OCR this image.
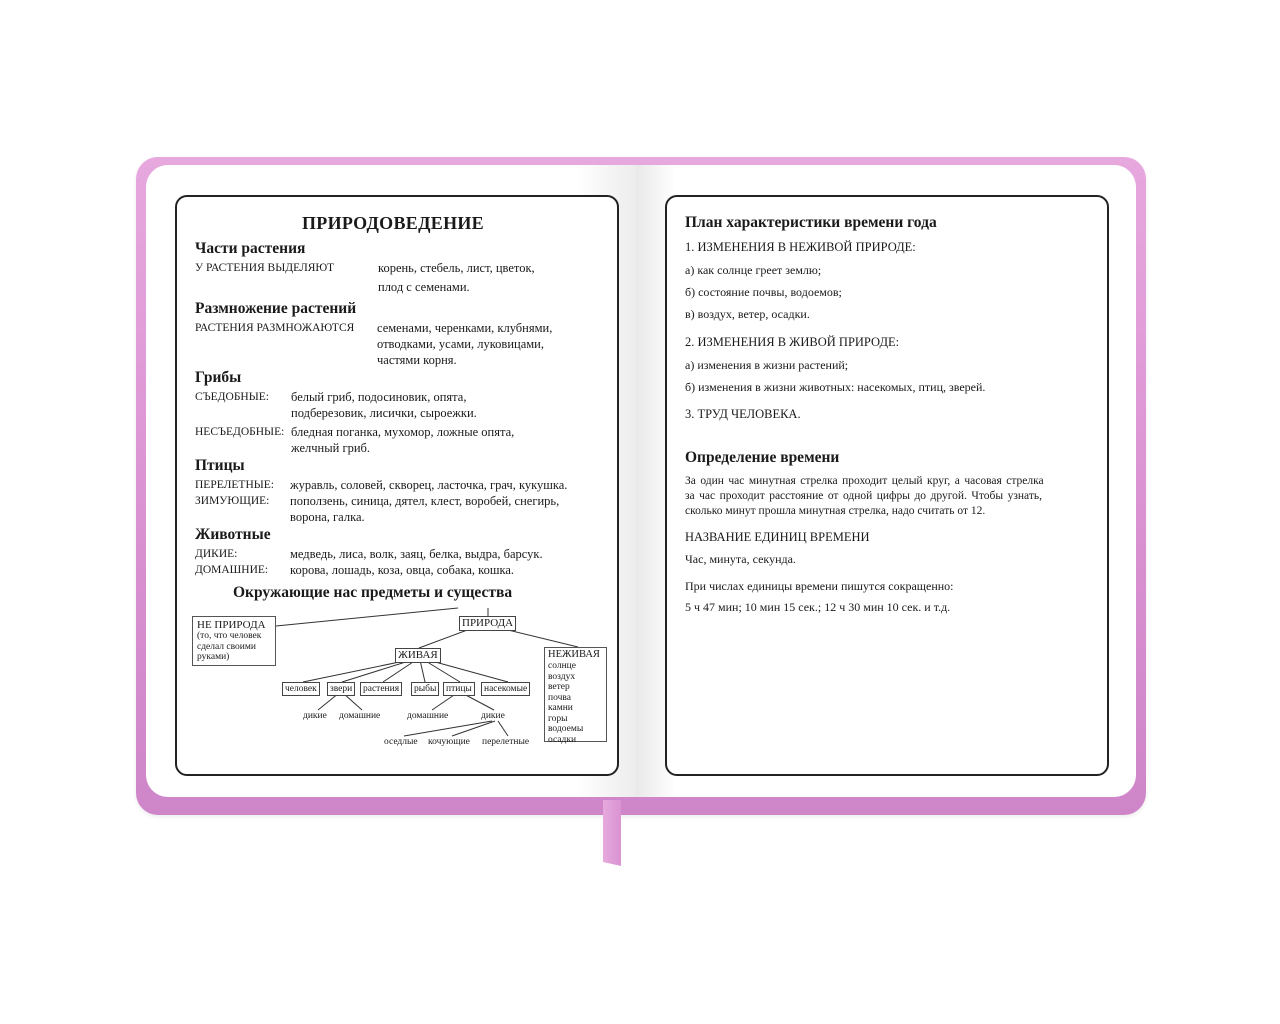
ПРИРОДОВЕДЕНИЕ
Части растения
У РАСТЕНИЯ ВЫДЕЛЯЮТ	корень, стебель, лист, цветок,
плод с семенами.
Размножение растений
РАСТЕНИЯ РАЗМНОЖАЮТСЯ семенами, черенками, клубнями,
отводками, усами, луковицами,
частями корня.
Грибы
СЪЕДОБНЫЕ: белый гриб, подосиновик, опята,
подберезовик, лисички, сыроежки.
НЕСЪЕДОБНЫЕ: бледная поганка, мухомор, ложные опята,
желчный гриб.
Птицы
ПЕРЕЛЕТНЫЕ: журавль, соловей, скворец, ласточка, грач, кукушка.
ЗИМУЮЩИЕ: поползень, синица, дятел, клест, воробей, снегирь,
ворона, галка.
Животные
ДИКИЕ:	медведь, лиса, волк, заяц, белка, выдра, барсук.
ДОМАШНИЕ: корова, лошадь, коза, овца, собака, кошка.
Окружающие нас предметы и существа
НЕ ПРИРОДА
(то, что человек
сделал своими
руками)
ПРИРОДА
ЖИВАЯ	НЕЖИВАЯ
солнце
воздух
ветер
почва
камни
горы
водоемы
осадки
человек	звери	растения	рыбы	птицы	насекомые
дикие домашние	домашние	дикие
оседлые кочующие перелетные
План характеристики времени года
1. ИЗМЕНЕНИЯ В НЕЖИВОЙ ПРИРОДЕ:
а) как солнце греет землю;
б) состояние почвы, водоемов;
в) воздух, ветер, осадки.
2. ИЗМЕНЕНИЯ В ЖИВОЙ ПРИРОДЕ:
а) изменения в жизни растений;
б) изменения в жизни животных: насекомых, птиц, зверей.
3. ТРУД ЧЕЛОВЕКА.
Определение времени
За один час минутная стрелка проходит целый круг, а часовая стрелка
за час проходит расстояние от одной цифры до другой. Чтобы узнать,
сколько минут прошла минутная стрелка, надо считать от 12.
НАЗВАНИЕ ЕДИНИЦ ВРЕМЕНИ
Час, минута, секунда.
При числах единицы времени пишутся сокращенно:
5 ч 47 мин; 10 мин 15 сек.; 12 ч 30 мин 10 сек. и т.д.
